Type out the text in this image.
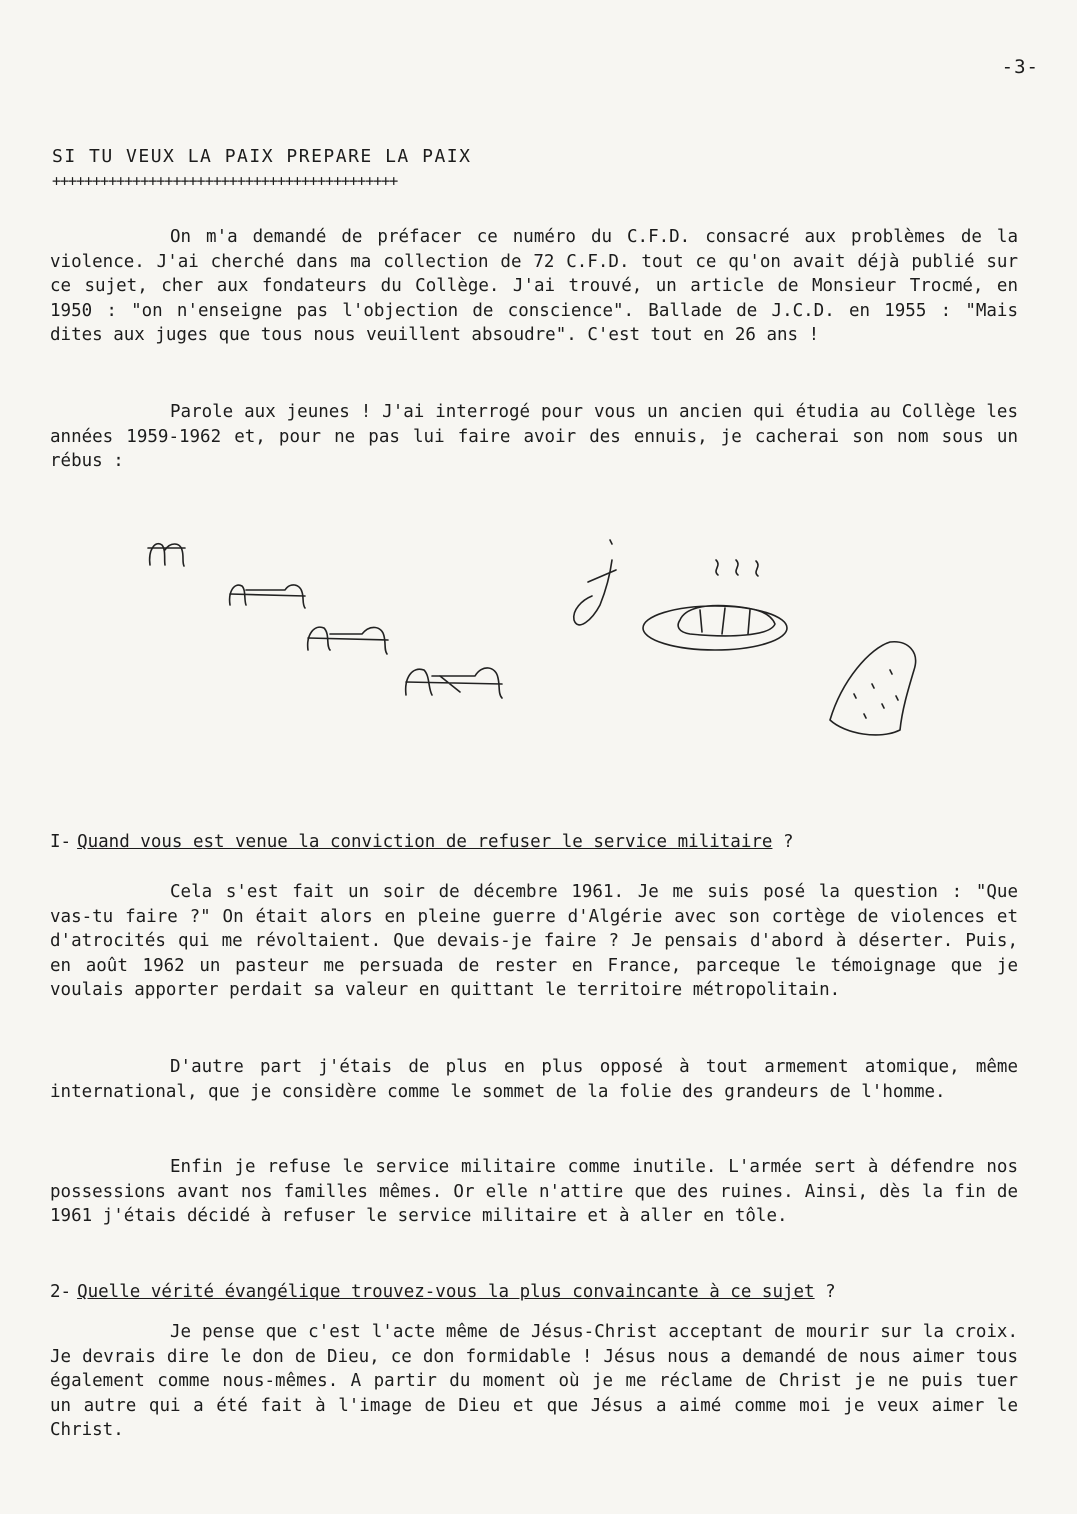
-3-
SI TU VEUX LA PAIX PREPARE LA PAIX
+++++++++++++++++++++++++++++++++++++++++++

On m'a demandé de préfacer ce numéro du C.F.D. consacré aux problèmes de la violence. J'ai cherché dans ma collection de 72 C.F.D. tout ce qu'on avait déjà publié sur ce sujet, cher aux fondateurs du Collège. J'ai trouvé, un article de Monsieur Trocmé, en 1950 : "on n'enseigne pas l'objection de conscience". Ballade de J.C.D. en 1955 : "Mais dites aux juges que tous nous veuillent absoudre". C'est tout en 26 ans !

Parole aux jeunes ! J'ai interrogé pour vous un ancien qui étudia au Collège les années 1959-1962 et, pour ne pas lui faire avoir des ennuis, je cacherai son nom sous un rébus :

I- Quand vous est venue la conviction de refuser le service militaire ?

Cela s'est fait un soir de décembre 1961. Je me suis posé la question : "Que vas-tu faire ?" On était alors en pleine guerre d'Algérie avec son cortège de violences et d'atrocités qui me révoltaient. Que devais-je faire ? Je pensais d'abord à déserter. Puis, en août 1962 un pasteur me persuada de rester en France, parceque le témoignage que je voulais apporter perdait sa valeur en quittant le territoire métropolitain.

D'autre part j'étais de plus en plus opposé à tout armement atomique, même international, que je considère comme le sommet de la folie des grandeurs de l'homme.

Enfin je refuse le service militaire comme inutile. L'armée sert à défendre nos possessions avant nos familles mêmes. Or elle n'attire que des ruines. Ainsi, dès la fin de 1961 j'étais décidé à refuser le service militaire et à aller en tôle.

2- Quelle vérité évangélique trouvez-vous la plus convaincante à ce sujet ?

Je pense que c'est l'acte même de Jésus-Christ acceptant de mourir sur la croix. Je devrais dire le don de Dieu, ce don formidable ! Jésus nous a demandé de nous aimer tous également comme nous-mêmes. A partir du moment où je me réclame de Christ je ne puis tuer un autre qui a été fait à l'image de Dieu et que Jésus a aimé comme moi je veux aimer le Christ.
